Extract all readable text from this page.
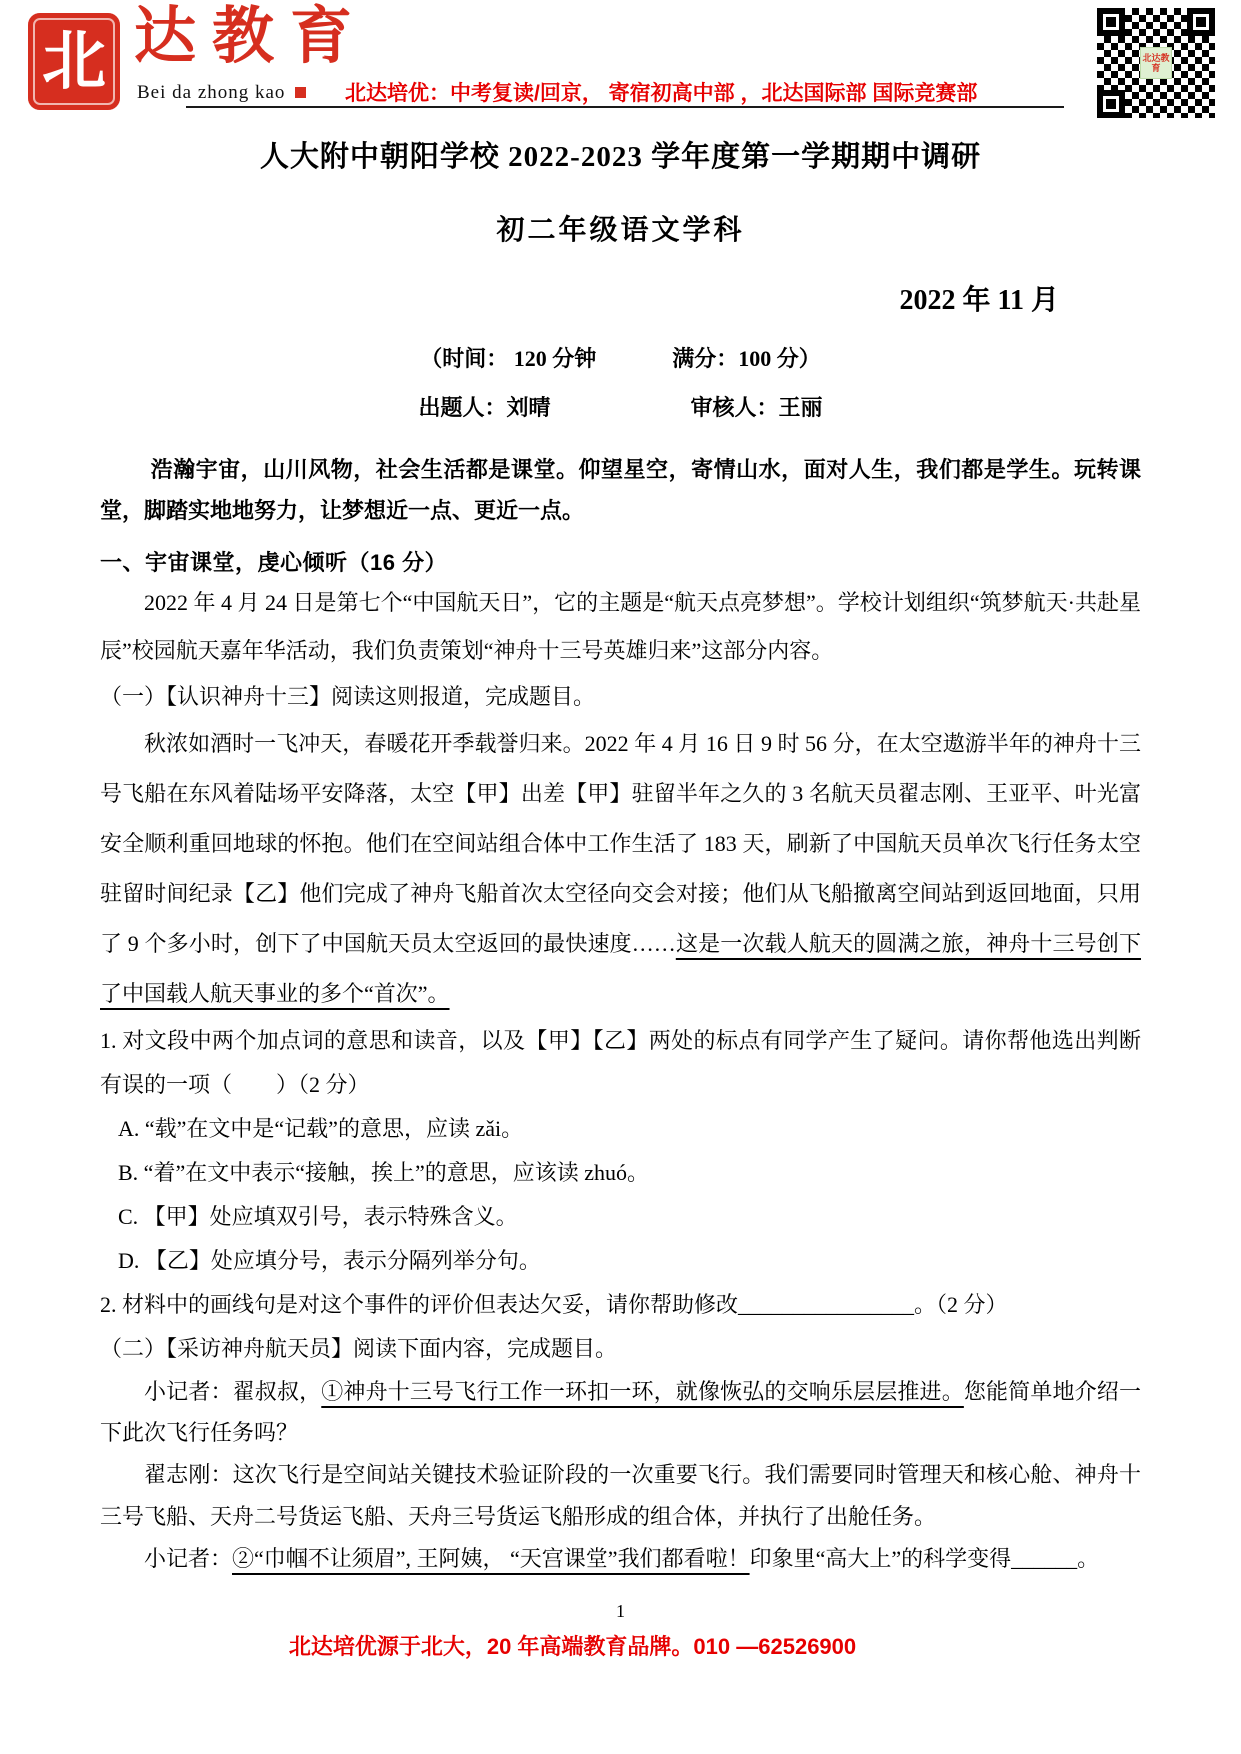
北 达教育
Bei da zhong kao	北达培优：中考复读/回京， 寄宿初高中部 ，北达国际部 国际竞赛部
北达教育
人大附中朝阳学校 2022-2023 学年度第一学期期中调研
初二年级语文学科
2022 年 11 月
（时间： 120 分钟	满分：100 分）
出题人：刘晴	审核人：王丽

浩瀚宇宙，山川风物，社会生活都是课堂。仰望星空，寄情山水，面对人生，我们都是学生。玩转课堂，脚踏实地地努力，让梦想近一点、更近一点。

一、宇宙课堂，虔心倾听（16 分）

2022 年 4 月 24 日是第七个“中国航天日”，它的主题是“航天点亮梦想”。学校计划组织“筑梦航天·共赴星辰”校园航天嘉年华活动，我们负责策划“神舟十三号英雄归来”这部分内容。

（一）【认识神舟十三】阅读这则报道，完成题目。

秋浓如酒时一飞冲天，春暖花开季载誉归来。2022 年 4 月 16 日 9 时 56 分，在太空遨游半年的神舟十三号飞船在东风着陆场平安降落，太空【甲】出差【甲】驻留半年之久的 3 名航天员翟志刚、王亚平、叶光富安全顺利重回地球的怀抱。他们在空间站组合体中工作生活了 183 天，刷新了中国航天员单次飞行任务太空驻留时间纪录【乙】他们完成了神舟飞船首次太空径向交会对接；他们从飞船撤离空间站到返回地面，只用了 9 个多小时，创下了中国航天员太空返回的最快速度……这是一次载人航天的圆满之旅，神舟十三号创下了中国载人航天事业的多个“首次”。

1. 对文段中两个加点词的意思和读音，以及【甲】【乙】两处的标点有同学产生了疑问。请你帮他选出判断有误的一项（　　）（2 分）

A. “载”在文中是“记载”的意思，应读 zǎi。

B. “着”在文中表示“接触，挨上”的意思，应该读 zhuó。

C. 【甲】处应填双引号，表示特殊含义。

D. 【乙】处应填分号，表示分隔列举分句。

2. 材料中的画线句是对这个事件的评价但表达欠妥，请你帮助修改________________。（2 分）

（二）【采访神舟航天员】阅读下面内容，完成题目。

小记者：翟叔叔，①神舟十三号飞行工作一环扣一环，就像恢弘的交响乐层层推进。您能简单地介绍一下此次飞行任务吗？

翟志刚：这次飞行是空间站关键技术验证阶段的一次重要飞行。我们需要同时管理天和核心舱、神舟十三号飞船、天舟二号货运飞船、天舟三号货运飞船形成的组合体，并执行了出舱任务。

小记者：②“巾帼不让须眉”, 王阿姨， “天宫课堂”我们都看啦！印象里“高大上”的科学变得______。

1
北达培优源于北大，20 年高端教育品牌。010 —62526900
